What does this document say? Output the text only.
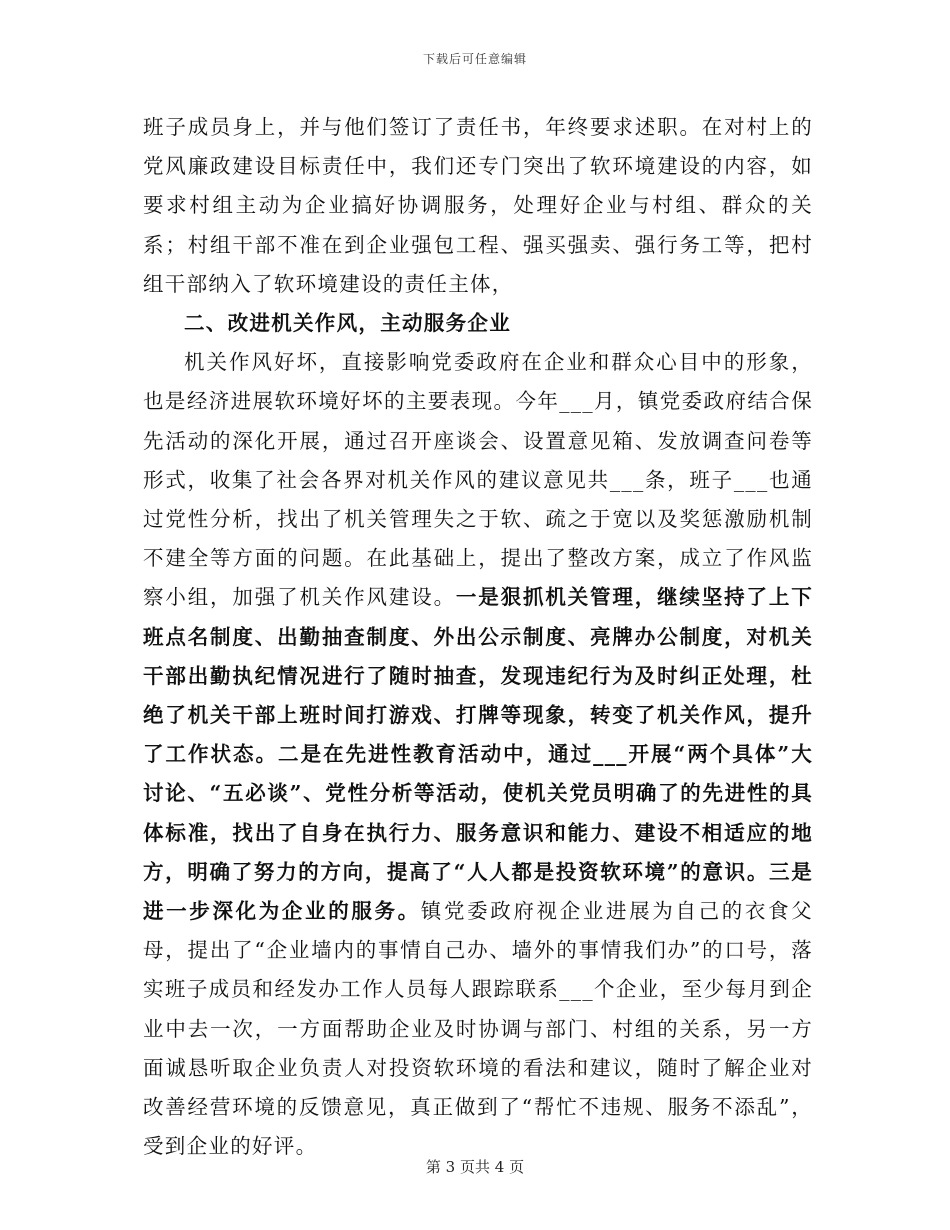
下载后可任意编辑

班子成员身上，并与他们签订了责任书，年终要求述职。在对村上的党风廉政建设目标责任中，我们还专门突出了软环境建设的内容，如要求村组主动为企业搞好协调服务，处理好企业与村组、群众的关系；村组干部不准在到企业强包工程、强买强卖、强行务工等，把村组干部纳入了软环境建设的责任主体，

二、改进机关作风，主动服务企业

机关作风好坏，直接影响党委政府在企业和群众心目中的形象，也是经济进展软环境好坏的主要表现。今年___月，镇党委政府结合保先活动的深化开展，通过召开座谈会、设置意见箱、发放调查问卷等形式，收集了社会各界对机关作风的建议意见共___条，班子___也通过党性分析，找出了机关管理失之于软、疏之于宽以及奖惩激励机制不建全等方面的问题。在此基础上，提出了整改方案，成立了作风监察小组，加强了机关作风建设。一是狠抓机关管理，继续坚持了上下班点名制度、出勤抽查制度、外出公示制度、亮牌办公制度，对机关干部出勤执纪情况进行了随时抽查，发现违纪行为及时纠正处理，杜绝了机关干部上班时间打游戏、打牌等现象，转变了机关作风，提升了工作状态。二是在先进性教育活动中，通过___开展“两个具体”大讨论、“五必谈”、党性分析等活动，使机关党员明确了的先进性的具体标准，找出了自身在执行力、服务意识和能力、建设不相适应的地方，明确了努力的方向，提高了“人人都是投资软环境”的意识。三是进一步深化为企业的服务。镇党委政府视企业进展为自己的衣食父母，提出了“企业墙内的事情自己办、墙外的事情我们办”的口号，落实班子成员和经发办工作人员每人跟踪联系___个企业，至少每月到企业中去一次，一方面帮助企业及时协调与部门、村组的关系，另一方面诚恳听取企业负责人对投资软环境的看法和建议，随时了解企业对改善经营环境的反馈意见，真正做到了“帮忙不违规、服务不添乱”，受到企业的好评。

第 3 页共 4 页
